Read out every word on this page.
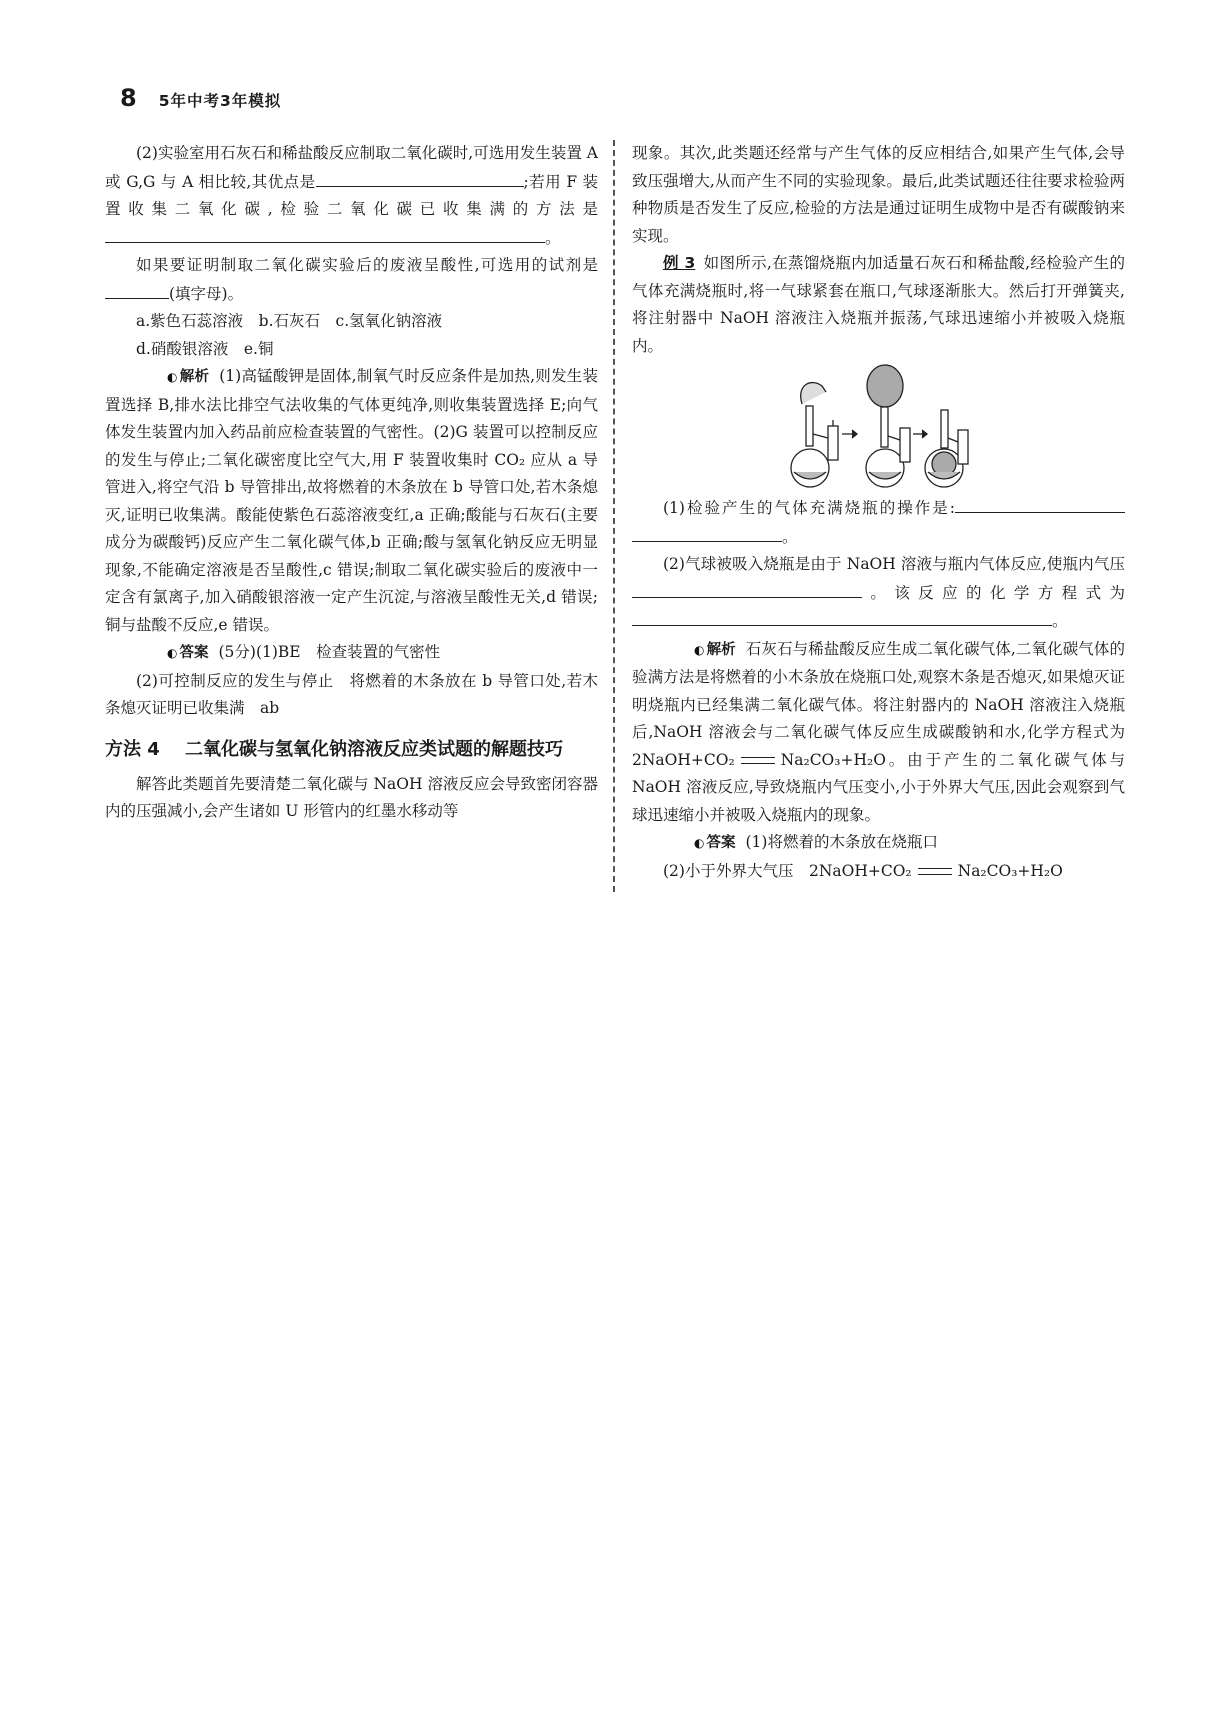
8 5年中考3年模拟

(2)实验室用石灰石和稀盐酸反应制取二氧化碳时,可选用发生装置 A 或 G,G 与 A 相比较,其优点是	;若用 F 装置收集二氧化碳,检验二氧化碳已收集满的方法是。

如果要证明制取二氧化碳实验后的废液呈酸性,可选用的试剂是(填字母)。

a.紫色石蕊溶液　b.石灰石　c.氢氧化钠溶液

d.硝酸银溶液　e.铜

◐ 解析 (1)高锰酸钾是固体,制氧气时反应条件是加热,则发生装置选择 B,排水法比排空气法收集的气体更纯净,则收集装置选择 E;向气体发生装置内加入药品前应检查装置的气密性。(2)G 装置可以控制反应的发生与停止;二氧化碳密度比空气大,用 F 装置收集时 CO₂ 应从 a 导管进入,将空气沿 b 导管排出,故将燃着的木条放在 b 导管口处,若木条熄灭,证明已收集满。酸能使紫色石蕊溶液变红,a 正确;酸能与石灰石(主要成分为碳酸钙)反应产生二氧化碳气体,b 正确;酸与氢氧化钠反应无明显现象,不能确定溶液是否呈酸性,c 错误;制取二氧化碳实验后的废液中一定含有氯离子,加入硝酸银溶液一定产生沉淀,与溶液呈酸性无关,d 错误;铜与盐酸不反应,e 错误。

◐ 答案 (5分)(1)BE　检查装置的气密性

(2)可控制反应的发生与停止　将燃着的木条放在 b 导管口处,若木条熄灭证明已收集满　ab

方法 4 二氧化碳与氢氧化钠溶液反应类试题的解题技巧

解答此类题首先要清楚二氧化碳与 NaOH 溶液反应会导致密闭容器内的压强减小,会产生诸如 U 形管内的红墨水移动等

现象。其次,此类题还经常与产生气体的反应相结合,如果产生气体,会导致压强增大,从而产生不同的实验现象。最后,此类试题还往往要求检验两种物质是否发生了反应,检验的方法是通过证明生成物中是否有碳酸钠来实现。

例 3 如图所示,在蒸馏烧瓶内加适量石灰石和稀盐酸,经检验产生的气体充满烧瓶时,将一气球紧套在瓶口,气球逐渐胀大。然后打开弹簧夹,将注射器中 NaOH 溶液注入烧瓶并振荡,气球迅速缩小并被吸入烧瓶内。

(1)检验产生的气体充满烧瓶的操作是:。

(2)气球被吸入烧瓶是由于 NaOH 溶液与瓶内气体反应,使瓶内气压。该反应的化学方程式为。

◐ 解析 石灰石与稀盐酸反应生成二氧化碳气体,二氧化碳气体的验满方法是将燃着的小木条放在烧瓶口处,观察木条是否熄灭,如果熄灭证明烧瓶内已经集满二氧化碳气体。将注射器内的 NaOH 溶液注入烧瓶后,NaOH 溶液会与二氧化碳气体反应生成碳酸钠和水,化学方程式为 2NaOH+CO₂	Na₂CO₃+H₂O。由于产生的二氧化碳气体与 NaOH 溶液反应,导致烧瓶内气压变小,小于外界大气压,因此会观察到气球迅速缩小并被吸入烧瓶内的现象。

◐ 答案 (1)将燃着的木条放在烧瓶口

(2)小于外界大气压　2NaOH+CO₂	Na₂CO₃+H₂O
